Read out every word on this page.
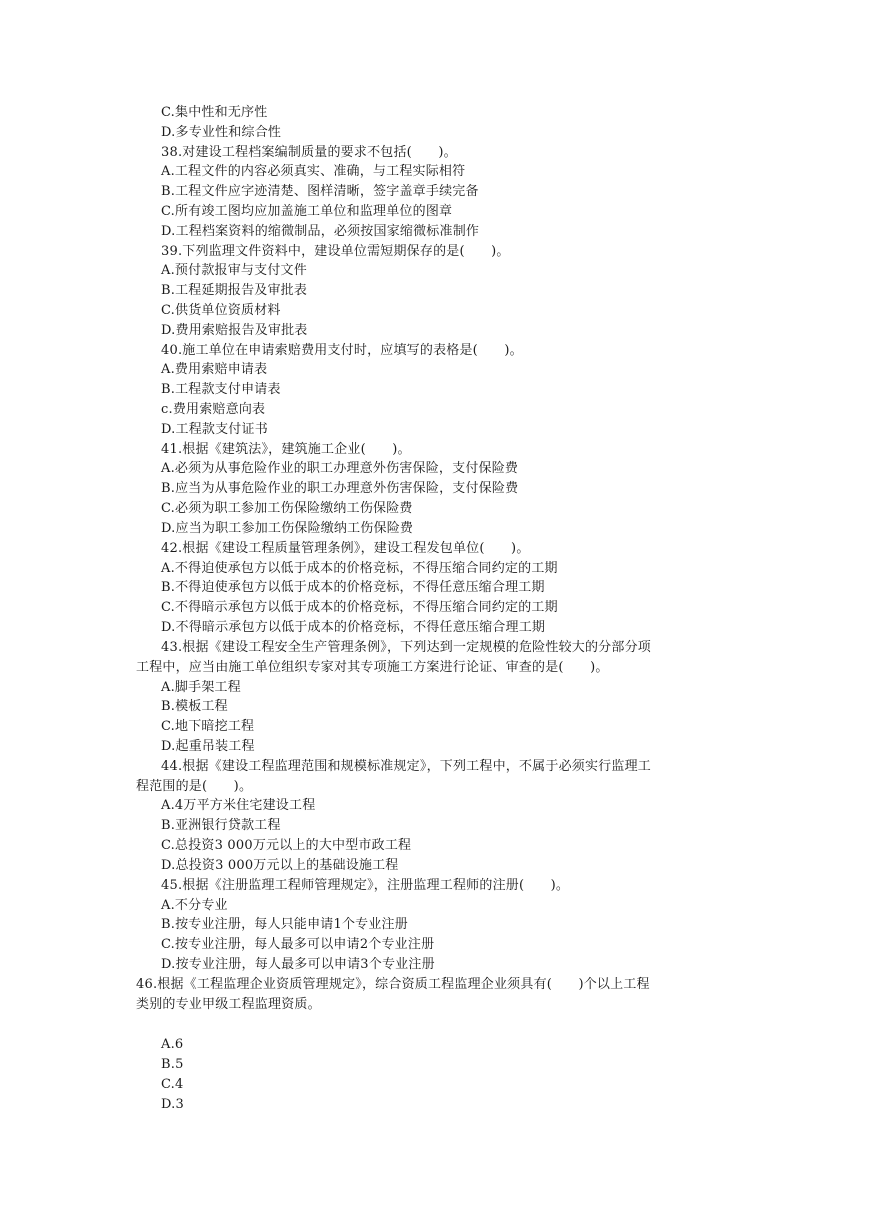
C.集中性和无序性
D.多专业性和综合性
38.对建设工程档案编制质量的要求不包括(　　)。
A.工程文件的内容必须真实、准确，与工程实际相符
B.工程文件应字迹清楚、图样清晰，签字盖章手续完备
C.所有竣工图均应加盖施工单位和监理单位的图章
D.工程档案资料的缩微制品，必须按国家缩微标准制作
39.下列监理文件资料中，建设单位需短期保存的是(　　)。
A.预付款报审与支付文件
B.工程延期报告及审批表
C.供货单位资质材料
D.费用索赔报告及审批表
40.施工单位在申请索赔费用支付时，应填写的表格是(　　)。
A.费用索赔申请表
B.工程款支付申请表
c.费用索赔意向表
D.工程款支付证书
41.根据《建筑法》，建筑施工企业(　　)。
A.必须为从事危险作业的职工办理意外伤害保险，支付保险费
B.应当为从事危险作业的职工办理意外伤害保险，支付保险费
C.必须为职工参加工伤保险缴纳工伤保险费
D.应当为职工参加工伤保险缴纳工伤保险费
42.根据《建设工程质量管理条例》，建设工程发包单位(　　)。
A.不得迫使承包方以低于成本的价格竞标，不得压缩合同约定的工期
B.不得迫使承包方以低于成本的价格竞标，不得任意压缩合理工期
C.不得暗示承包方以低于成本的价格竞标，不得压缩合同约定的工期
D.不得暗示承包方以低于成本的价格竞标，不得任意压缩合理工期
43.根据《建设工程安全生产管理条例》，下列达到一定规模的危险性较大的分部分项
工程中，应当由施工单位组织专家对其专项施工方案进行论证、审查的是(　　)。
A.脚手架工程
B.模板工程
C.地下暗挖工程
D.起重吊装工程
44.根据《建设工程监理范围和规模标准规定》，下列工程中，不属于必须实行监理工
程范围的是(　　)。
A.4万平方米住宅建设工程
B.亚洲银行贷款工程
C.总投资3 000万元以上的大中型市政工程
D.总投资3 000万元以上的基础设施工程
45.根据《注册监理工程师管理规定》，注册监理工程师的注册(　　)。
A.不分专业
B.按专业注册，每人只能申请1个专业注册
C.按专业注册，每人最多可以申请2个专业注册
D.按专业注册，每人最多可以申请3个专业注册
46.根据《工程监理企业资质管理规定》，综合资质工程监理企业须具有(　　)个以上工程
类别的专业甲级工程监理资质。
A.6
B.5
C.4
D.3
